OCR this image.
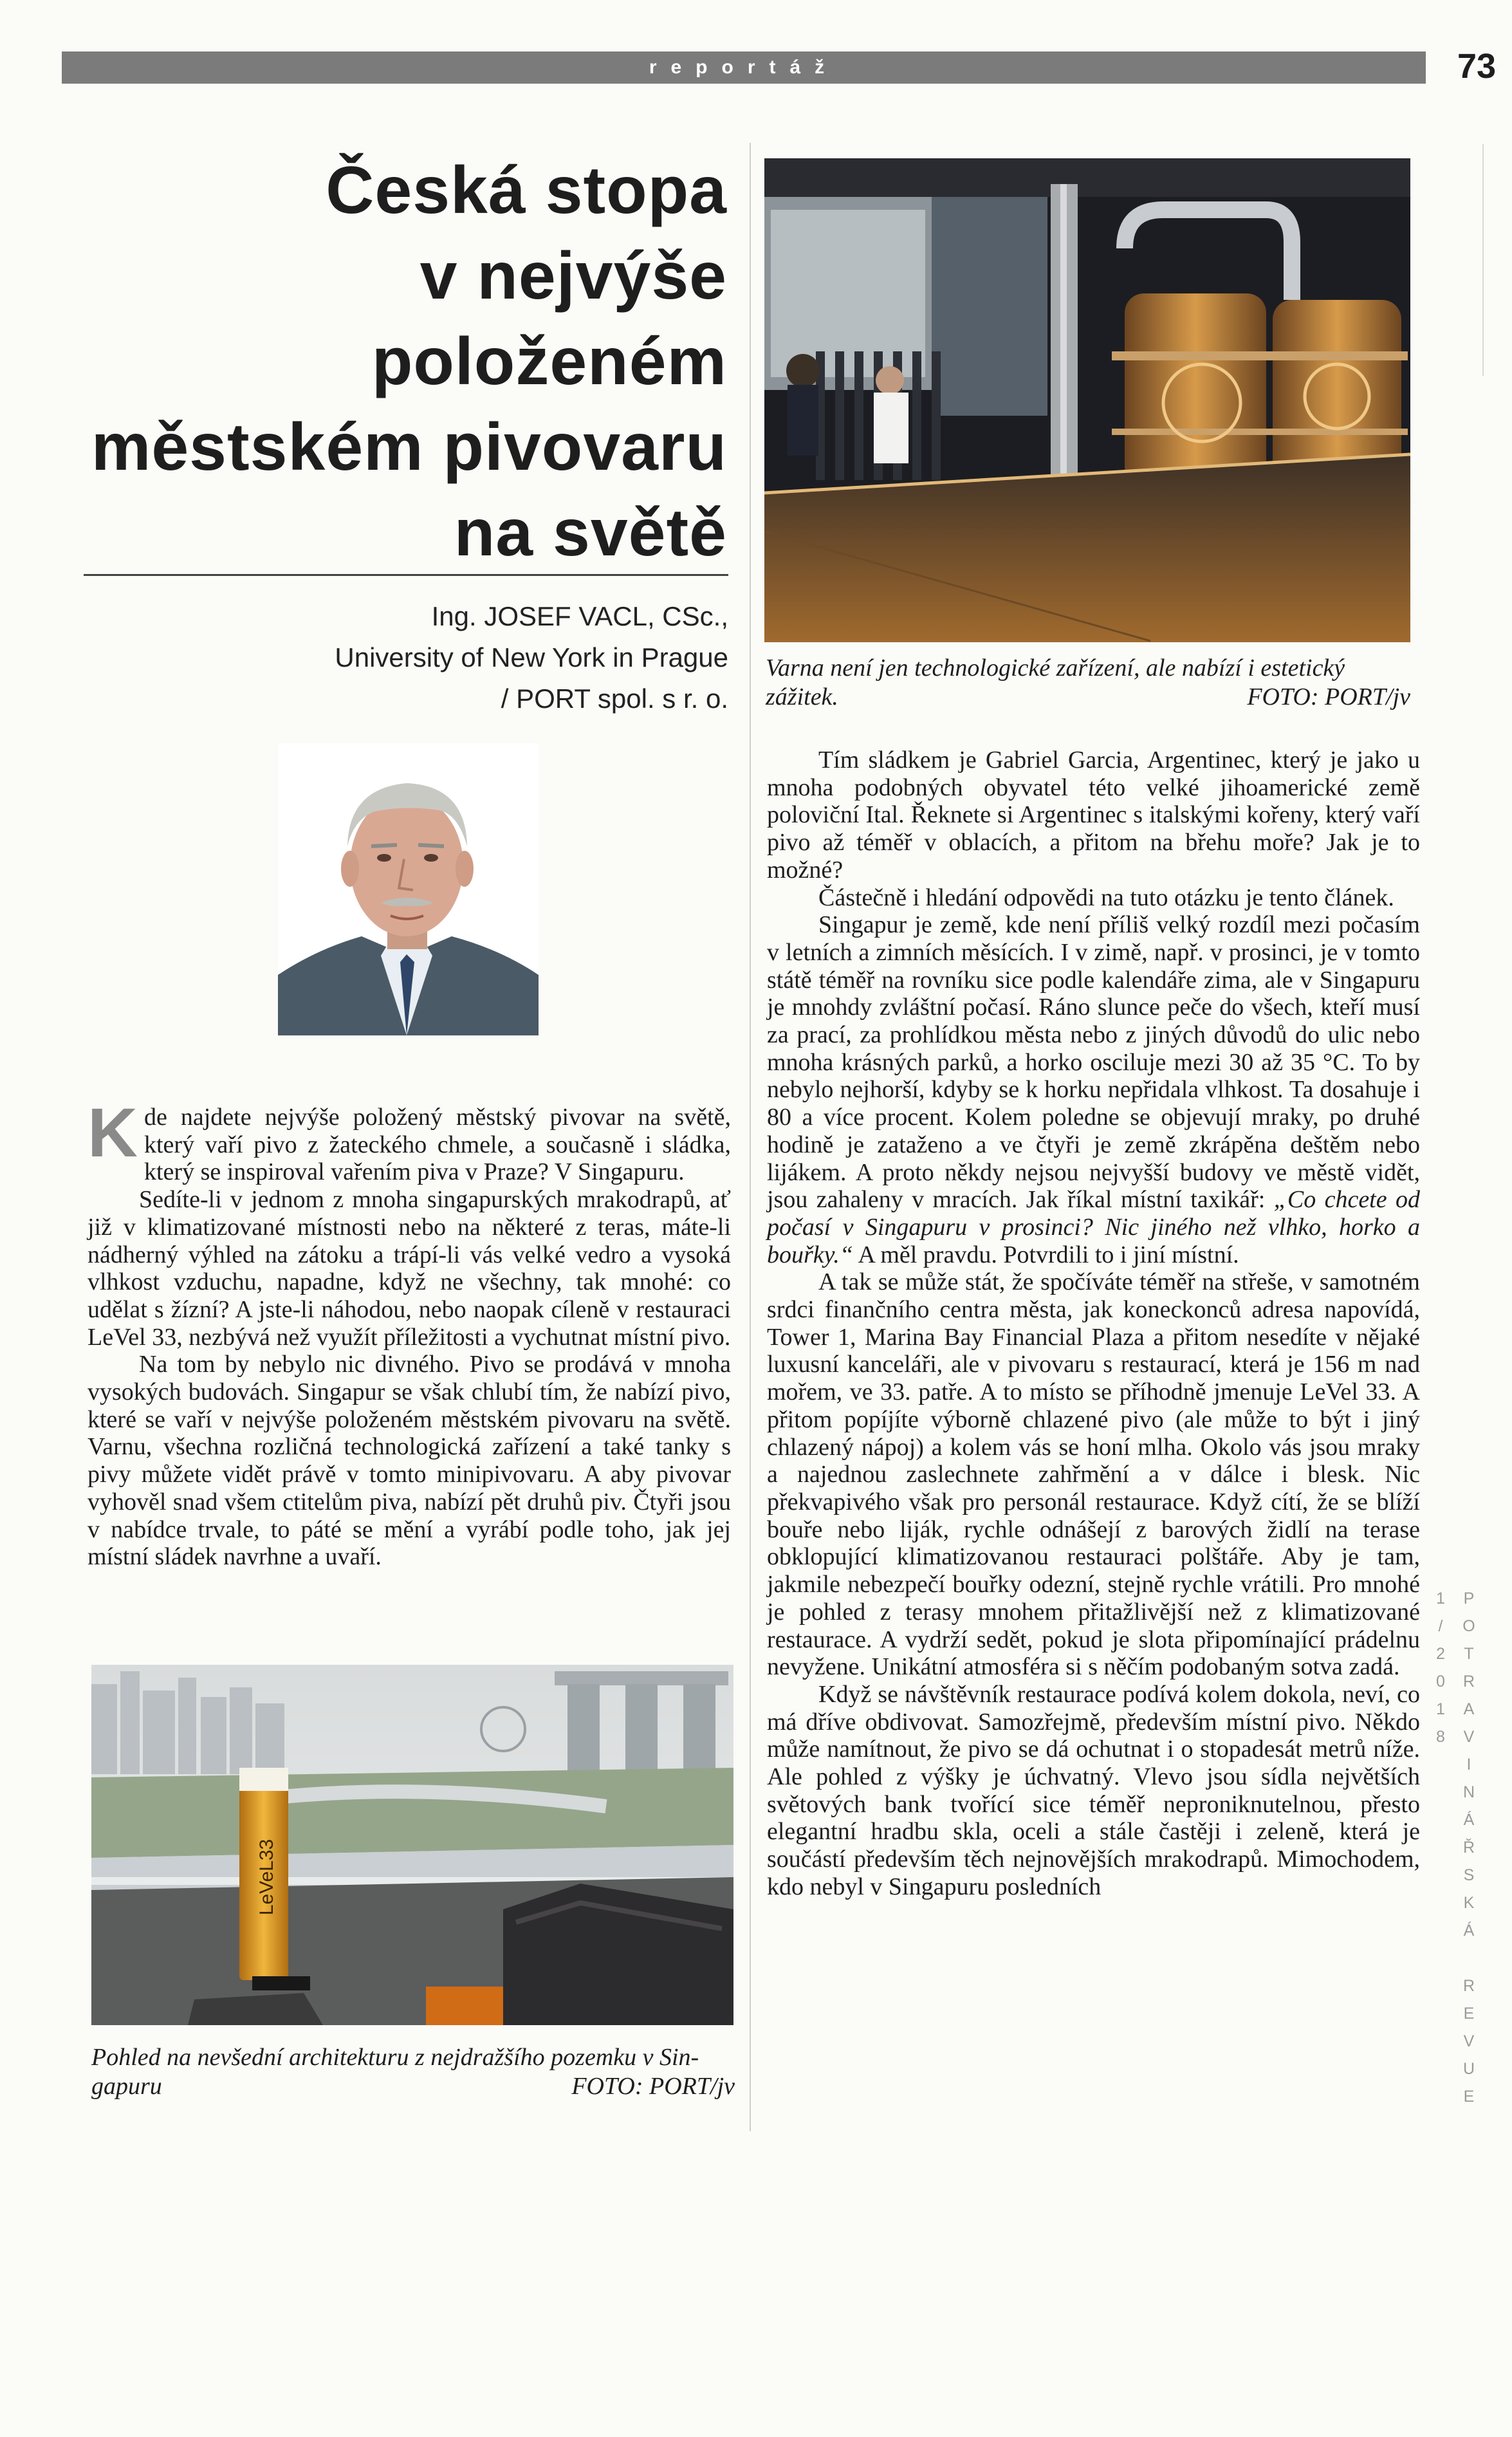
reportáž	73
Česká stopa
v nejvýše
položeném
městském pivovaru
na světě
Ing. JOSEF VACL, CSc.,
University of New York in Prague
/ PORT spol. s r. o.
Varna není jen technologické zařízení, ale nabízí i estetický
zážitek.	FOTO: PORT/jv

Kde najdete nejvýše položený městský pivovar na světě, který vaří pivo z žateckého chmele, a současně i sládka, který se inspiroval vařením piva v Praze? V Singapuru.

Sedíte-li v jednom z mnoha singapurských mrakodrapů, ať již v klimatizované místnosti nebo na některé z teras, máte-li nádherný výhled na zátoku a trápí-li vás velké vedro a vysoká vlhkost vzduchu, napadne, když ne všechny, tak mnohé: co udělat s žízní? A jste-li náhodou, nebo naopak cíleně v restauraci LeVel 33, nezbývá než využít příležitosti a vychutnat místní pivo.

Na tom by nebylo nic divného. Pivo se prodává v mnoha vysokých budovách. Singapur se však chlubí tím, že nabízí pivo, které se vaří v nejvýše položeném městském pivovaru na světě. Varnu, všechna rozličná technologická zařízení a také tanky s pivy můžete vidět právě v tomto minipivovaru. A aby pivovar vyhověl snad všem ctitelům piva, nabízí pět druhů piv. Čtyři jsou v nabídce trvale, to páté se mění a vyrábí podle toho, jak jej místní sládek navrhne a uvaří.

LeVeL33
Pohled na nevšední architekturu z nejdražšího pozemku v Sin-
gapuru	FOTO: PORT/jv

Tím sládkem je Gabriel Garcia, Argentinec, který je jako u mnoha podobných obyvatel této velké jihoamerické země poloviční Ital. Řeknete si Argentinec s italskými kořeny, který vaří pivo až téměř v oblacích, a přitom na břehu moře? Jak je to možné?

Částečně i hledání odpovědi na tuto otázku je tento článek.

Singapur je země, kde není příliš velký rozdíl mezi počasím v letních a zimních měsících. I v zimě, např. v prosinci, je v tomto státě téměř na rovníku sice podle kalendáře zima, ale v Singapuru je mnohdy zvláštní počasí. Ráno slunce peče do všech, kteří musí za prací, za prohlídkou města nebo z jiných důvodů do ulic nebo mnoha krásných parků, a horko osciluje mezi 30 až 35 °C. To by nebylo nejhorší, kdyby se k horku nepřidala vlhkost. Ta dosahuje i 80 a více procent. Kolem poledne se objevují mraky, po druhé hodině je zataženo a ve čtyři je země zkrápěna deštěm nebo lijákem. A proto někdy nejsou nejvyšší budovy ve městě vidět, jsou zahaleny v mracích. Jak říkal místní taxikář: „Co chcete od počasí v Singapuru v prosinci? Nic jiného než vlhko, horko a bouřky.“ A měl pravdu. Potvrdili to i jiní místní.

A tak se může stát, že spočíváte téměř na střeše, v samotném srdci finančního centra města, jak koneckonců adresa napovídá, Tower 1, Marina Bay Financial Plaza a přitom nesedíte v nějaké luxusní kanceláři, ale v pivovaru s restaurací, která je 156 m nad mořem, ve 33. patře. A to místo se příhodně jmenuje LeVel 33. A přitom popíjíte výborně chlazené pivo (ale může to být i jiný chlazený nápoj) a kolem vás se honí mlha. Okolo vás jsou mraky a najednou zaslechnete zahřmění a v dálce i blesk. Nic překvapivého však pro personál restaurace. Když cítí, že se blíží bouře nebo liják, rychle odnášejí z barových židlí na terase obklopující klimatizovanou restauraci polštáře. Aby je tam, jakmile nebezpečí bouřky odezní, stejně rychle vrátili. Pro mnohé je pohled z terasy mnohem přitažlivější než z klimatizované restaurace. A vydrží sedět, pokud je slota připomínající prádelnu nevyžene. Unikátní atmosféra si s něčím podobaným sotva zadá.

Když se návštěvník restaurace podívá kolem dokola, neví, co má dříve obdivovat. Samozřejmě, především místní pivo. Někdo může namítnout, že pivo se dá ochutnat i o stopadesát metrů níže. Ale pohled z výšky je úchvatný. Vlevo jsou sídla největších světových bank tvořící sice téměř neproniknutelnou, přesto elegantní hradbu skla, oceli a stále častěji i zeleně, která je součástí především těch nejnovějších mrakodrapů. Mimochodem, kdo nebyl v Singapuru posledních	POTRAVINÁŘSKÁ REVUE 1/2018
